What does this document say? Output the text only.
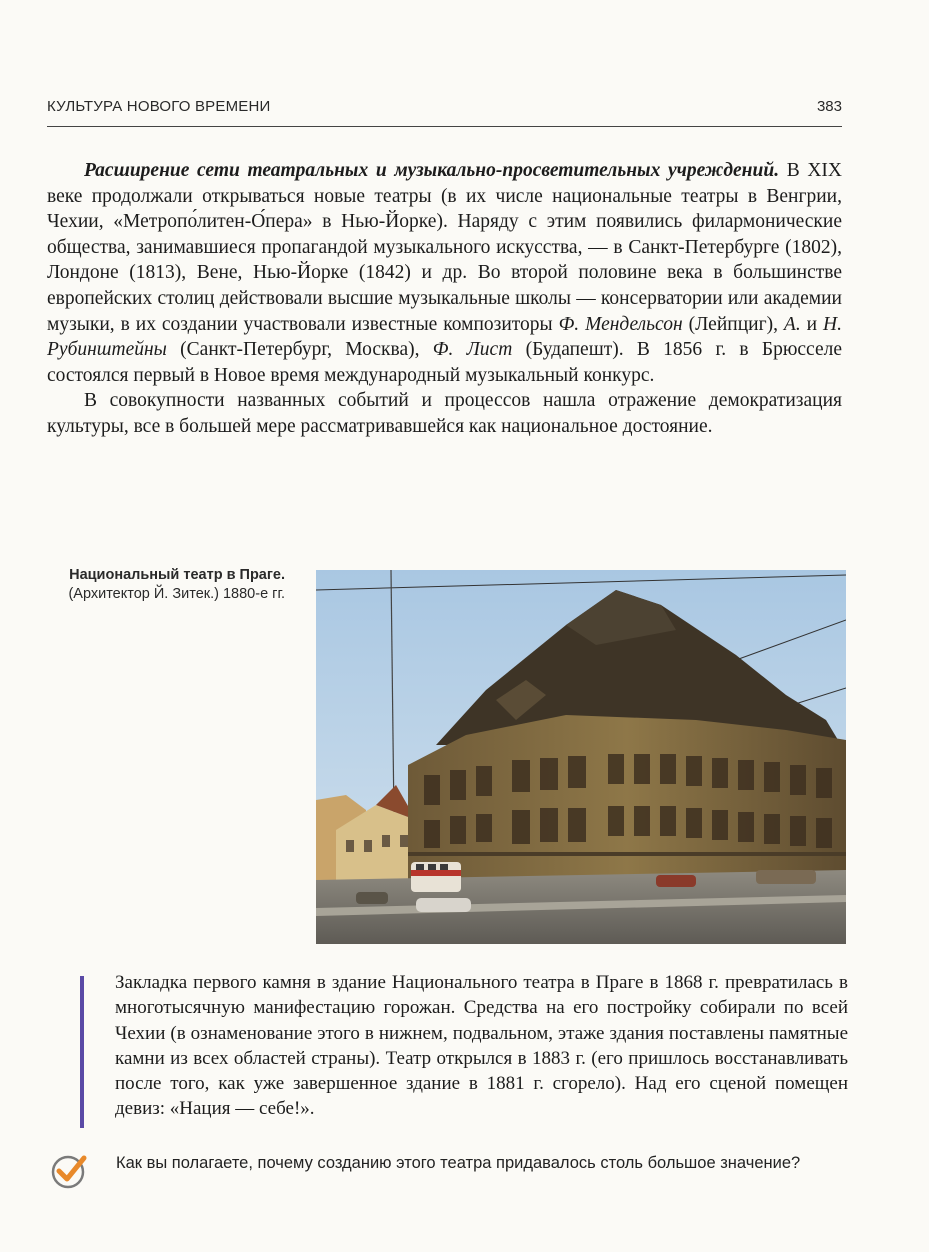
КУЛЬТУРА НОВОГО ВРЕМЕНИ	383

Расширение сети театральных и музыкально-просветительных учреждений. В XIX веке продолжали открываться новые театры (в их числе национальные театры в Венгрии, Чехии, «Метропо́литен-О́пера» в Нью-Йорке). Наряду с этим появились филармонические общества, занимавшиеся пропагандой музыкального искусства, — в Санкт-Петербурге (1802), Лондоне (1813), Вене, Нью-Йорке (1842) и др. Во второй половине века в большинстве европейских столиц действовали высшие музыкальные школы — консерватории или академии музыки, в их создании участвовали известные композиторы Ф. Мендельсон (Лейпциг), А. и Н. Рубинштейны (Санкт-Петербург, Москва), Ф. Лист (Будапешт). В 1856 г. в Брюсселе состоялся первый в Новое время международный музыкальный конкурс.

В совокупности названных событий и процессов нашла отражение демократизация культуры, все в большей мере рассматривавшейся как национальное достояние.

Национальный театр в Праге. (Архитектор Й. Зитек.) 1880-е гг.
Закладка первого камня в здание Национального театра в Праге в 1868 г. превратилась в многотысячную манифестацию горожан. Средства на его постройку собирали по всей Чехии (в ознаменование этого в нижнем, подвальном, этаже здания поставлены памятные камни из всех областей страны). Театр открылся в 1883 г. (его пришлось восстанавливать после того, как уже завершенное здание в 1881 г. сгорело). Над его сценой помещен девиз: «Нация — себе!».
Как вы полагаете, почему созданию этого театра придавалось столь большое значение?
